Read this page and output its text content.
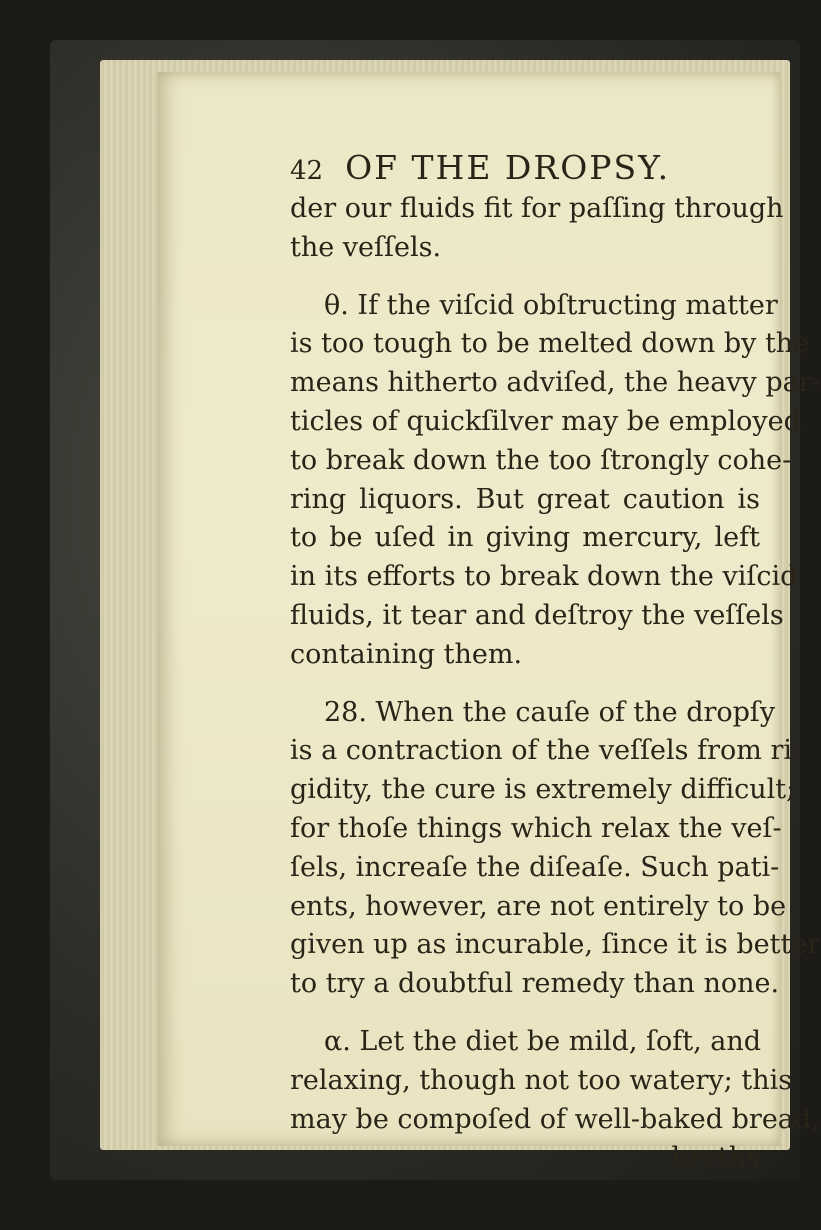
42 OF THE DROPSY.
der our fluids fit for paſſing through
the veſſels.
θ. If the viſcid obſtructing matter
is too tough to be melted down by the
means hitherto adviſed, the heavy par-
ticles of quickſilver may be employed
to break down the too ſtrongly cohe-
ring liquors. But great caution is
to be uſed in giving mercury, left
in its efforts to break down the viſcid
fluids, it tear and deſtroy the veſſels
containing them.
28. When the cauſe of the dropſy
is a contraction of the veſſels from ri-
gidity, the cure is extremely difficult;
for thoſe things which relax the veſ-
ſels, increaſe the diſeaſe. Such pati-
ents, however, are not entirely to be
given up as incurable, ſince it is better
to try a doubtful remedy than none.
α. Let the diet be mild, ſoft, and
relaxing, though not too watery; this
may be compoſed of well-baked bread,
broths
